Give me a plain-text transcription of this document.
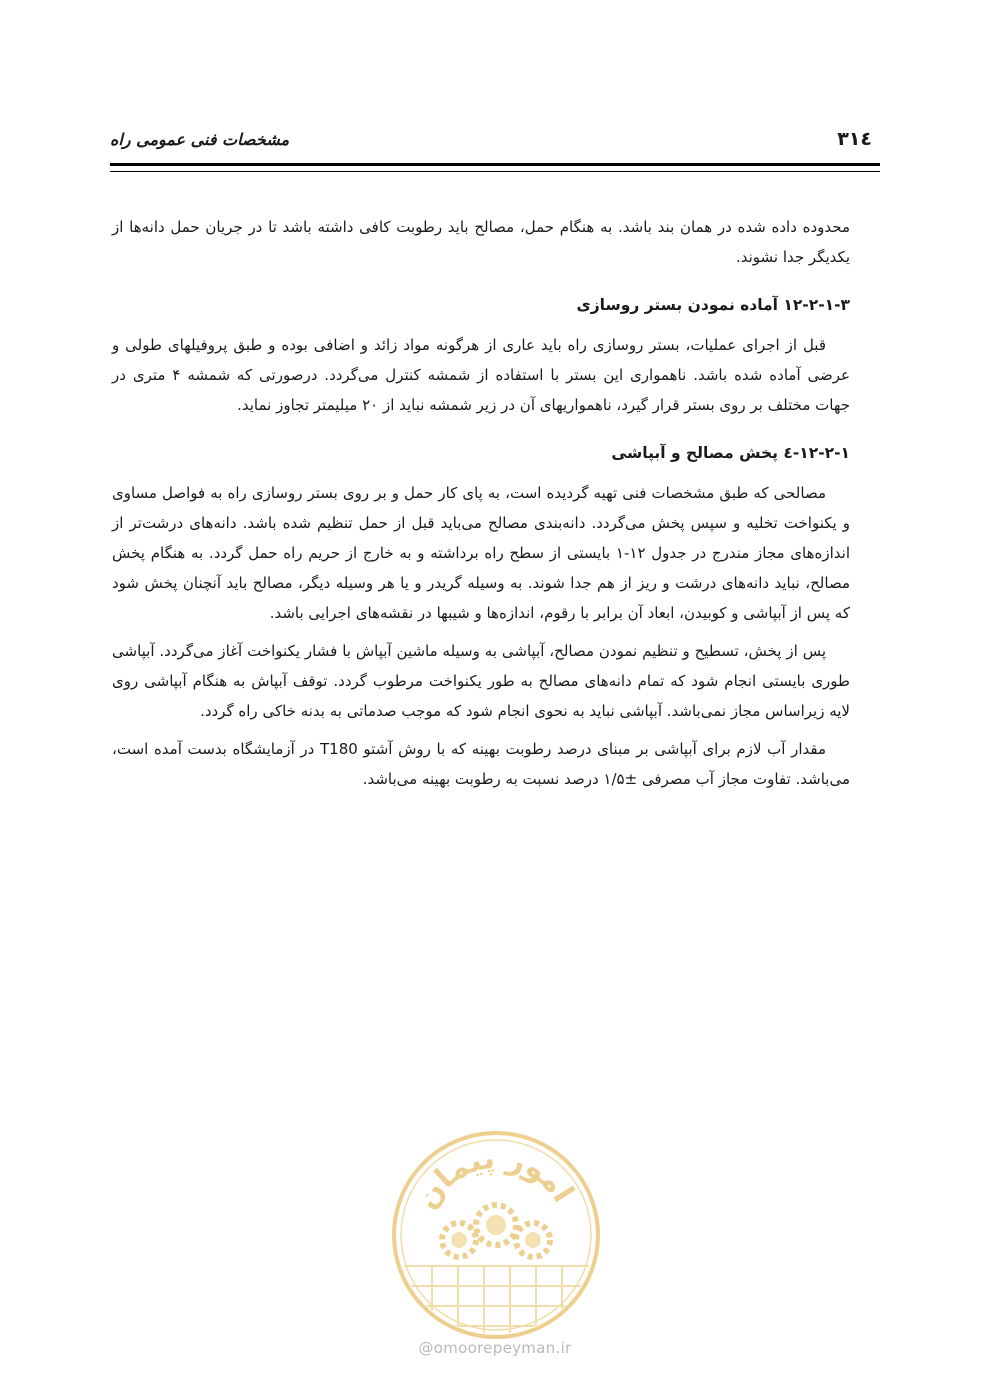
۳۱٤
مشخصات فنی عمومی راه

محدوده داده شده در همان بند باشد. به هنگام حمل، مصالح باید رطوبت کافی داشته باشد تا در جریان حمل دانه‌ها از یکدیگر جدا نشوند.

۱۲-۲-۱-۳ آماده نمودن بستر روسازی

قبل از اجرای عملیات، بستر روسازی راه باید عاری از هرگونه مواد زائد و اضافی بوده و طبق پروفیلهای طولی و عرضی آماده شده باشد. ناهمواری این بستر با استفاده از شمشه کنترل می‌گردد. درصورتی که شمشه ۴ متری در جهات مختلف بر روی بستر قرار گیرد، ناهمواریهای آن در زیر شمشه نباید از ۲۰ میلیمتر تجاوز نماید.

۱۲-۲-۱-٤ پخش مصالح و آبپاشی

مصالحی که طبق مشخصات فنی تهیه گردیده است، به پای کار حمل و بر روی بستر روسازی راه به فواصل مساوی و یکنواخت تخلیه و سپس پخش می‌گردد. دانه‌بندی مصالح می‌باید قبل از حمل تنظیم شده باشد. دانه‌های درشت‌تر از اندازه‌های مجاز مندرج در جدول ۱۲-۱ بایستی از سطح راه برداشته و به خارج از حریم راه حمل گردد. به هنگام پخش مصالح، نباید دانه‌های درشت و ریز از هم جدا شوند. به وسیله گریدر و یا هر وسیله دیگر، مصالح باید آنچنان پخش شود که پس از آبپاشی و کوبیدن، ابعاد آن برابر با رقوم، اندازه‌ها و شیبها در نقشه‌های اجرایی باشد.

پس از پخش، تسطیح و تنظیم نمودن مصالح، آبپاشی به وسیله ماشین آبپاش با فشار یکنواخت آغاز می‌گردد. آبپاشی طوری بایستی انجام شود که تمام دانه‌های مصالح به طور یکنواخت مرطوب گردد. توقف آبپاش به هنگام آبپاشی روی لایه زیراساس مجاز نمی‌باشد. آبپاشی نباید به نحوی انجام شود که موجب صدماتی به بدنه خاکی راه گردد.

مقدار آب لازم برای آبپاشی بر مبنای درصد رطوبت بهینه که با روش آشتو T180 در آزمایشگاه بدست آمده است، می‌باشد. تفاوت مجاز آب مصرفی ±۱/۵ درصد نسبت به رطوبت بهینه می‌باشد.

امور پیمان
@omoorepeyman.ir
